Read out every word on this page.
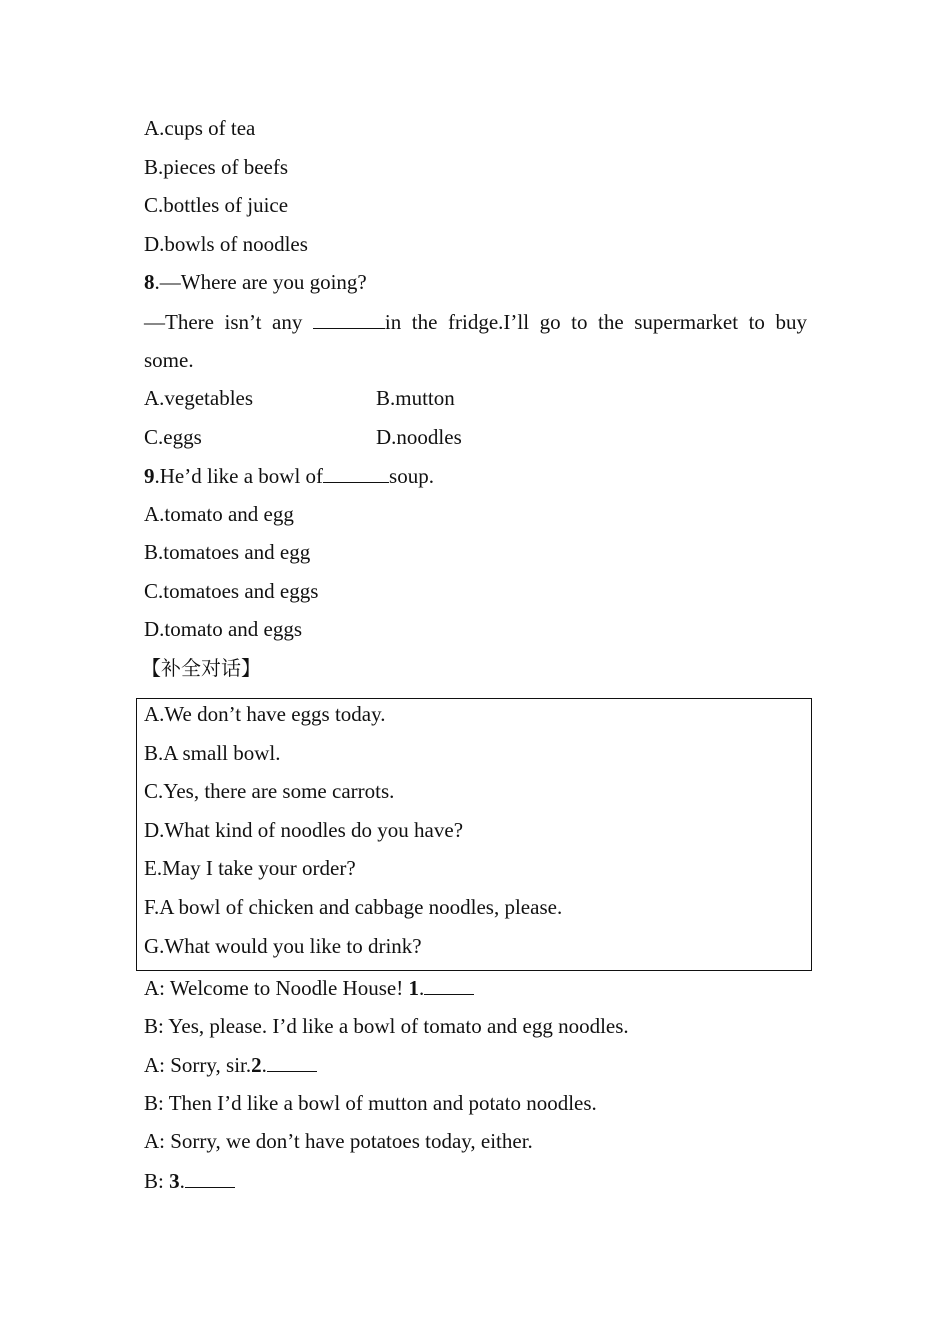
A.cups of tea
B.pieces of beefs
C.bottles of juice
D.bowls of noodles
8.—Where are you going?
—There isn’t any	in the fridge.I’ll go to the supermarket to buy
some.
A.vegetables	B.mutton
C.eggs	D.noodles
9.He’d like a bowl of	soup.
A.tomato and egg
B.tomatoes and egg
C.tomatoes and eggs
D.tomato and eggs
【补全对话】
A.We don’t have eggs today.
B.A small bowl.
C.Yes, there are some carrots.
D.What kind of noodles do you have?
E.May I take your order?
F.A bowl of chicken and cabbage noodles, please.
G.What would you like to drink?
A: Welcome to Noodle House! 1.
B: Yes, please. I’d like a bowl of tomato and egg noodles.
A: Sorry, sir.2.
B: Then I’d like a bowl of mutton and potato noodles.
A: Sorry, we don’t have potatoes today, either.
B: 3.
